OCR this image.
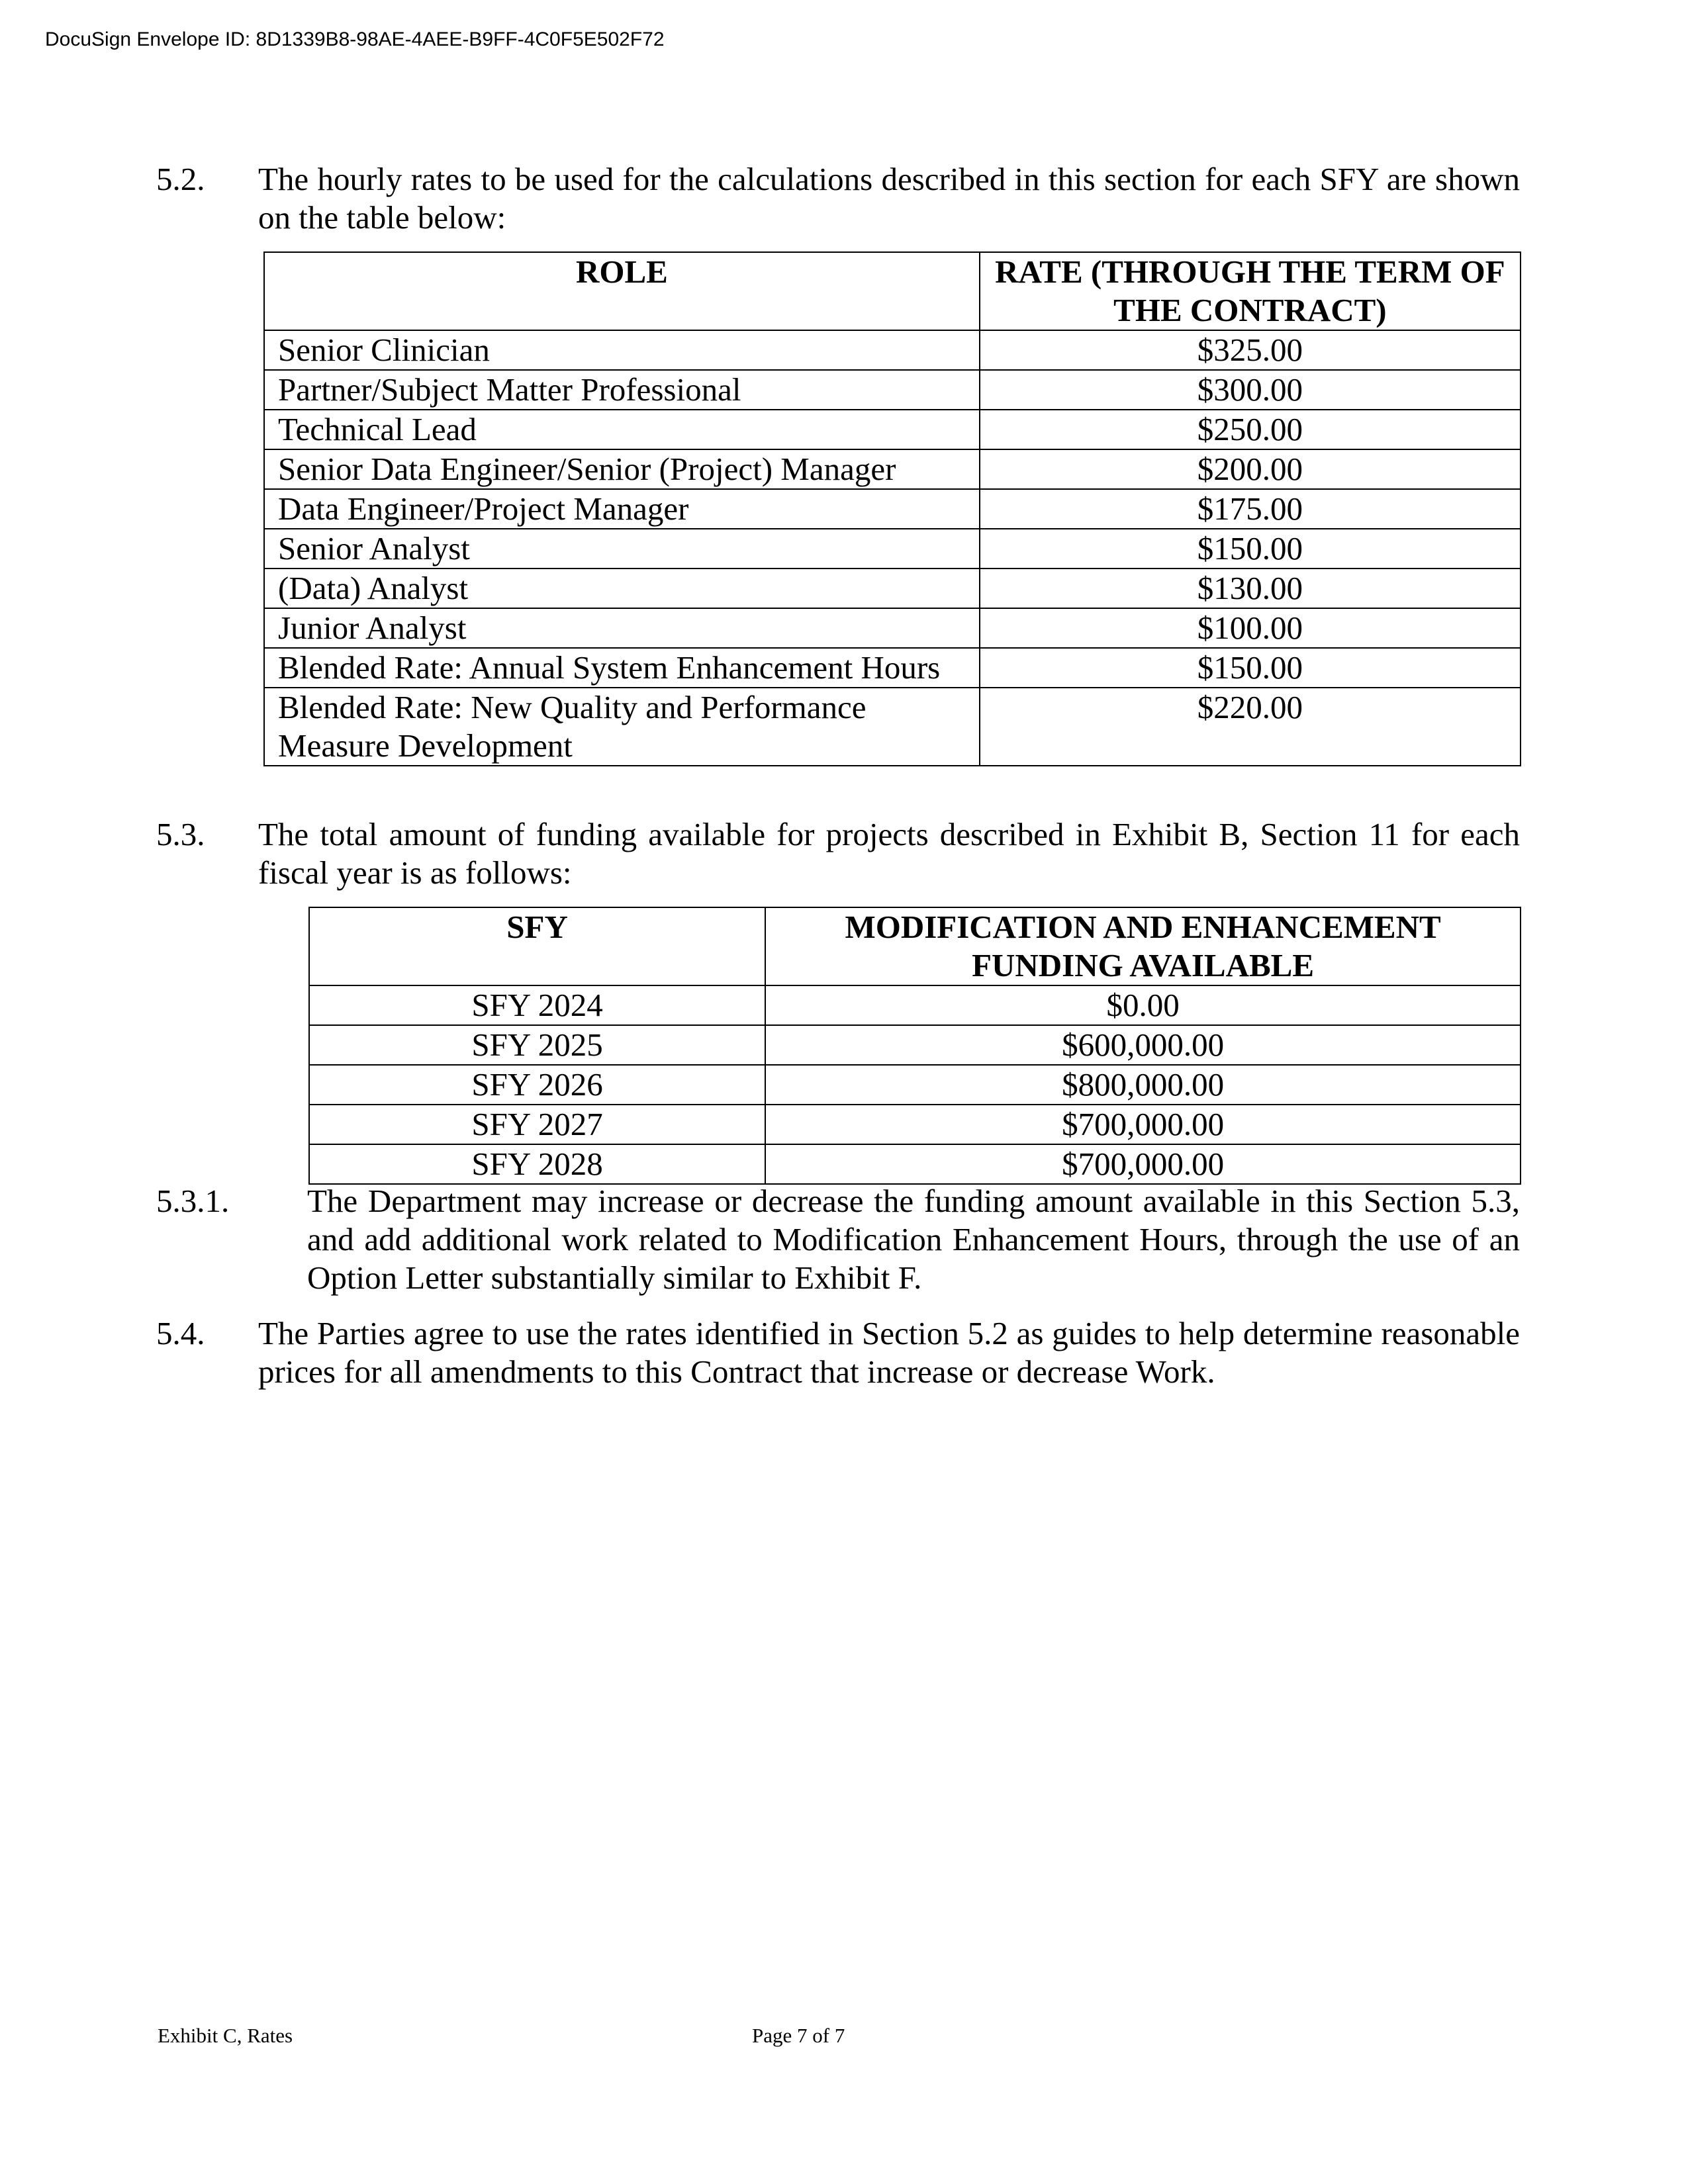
DocuSign Envelope ID: 8D1339B8-98AE-4AEE-B9FF-4C0F5E502F72
5.2. The hourly rates to be used for the calculations described in this section for each SFY are shown on the table below:
ROLE	RATE (THROUGH THE TERM OF THE CONTRACT)
Senior Clinician	$325.00
Partner/Subject Matter Professional	$300.00
Technical Lead	$250.00
Senior Data Engineer/Senior (Project) Manager	$200.00
Data Engineer/Project Manager	$175.00
Senior Analyst	$150.00
(Data) Analyst	$130.00
Junior Analyst	$100.00
Blended Rate: Annual System Enhancement Hours	$150.00
Blended Rate: New Quality and Performance Measure Development	$220.00
5.3. The total amount of funding available for projects described in Exhibit B, Section 11 for each fiscal year is as follows:
SFY	MODIFICATION AND ENHANCEMENT FUNDING AVAILABLE
SFY 2024	$0.00
SFY 2025	$600,000.00
SFY 2026	$800,000.00
SFY 2027	$700,000.00
SFY 2028	$700,000.00
5.3.1. The Department may increase or decrease the funding amount available in this Section 5.3, and add additional work related to Modification Enhancement Hours, through the use of an Option Letter substantially similar to Exhibit F.
5.4. The Parties agree to use the rates identified in Section 5.2 as guides to help determine reasonable prices for all amendments to this Contract that increase or decrease Work.
Exhibit C, Rates	Page 7 of 7
